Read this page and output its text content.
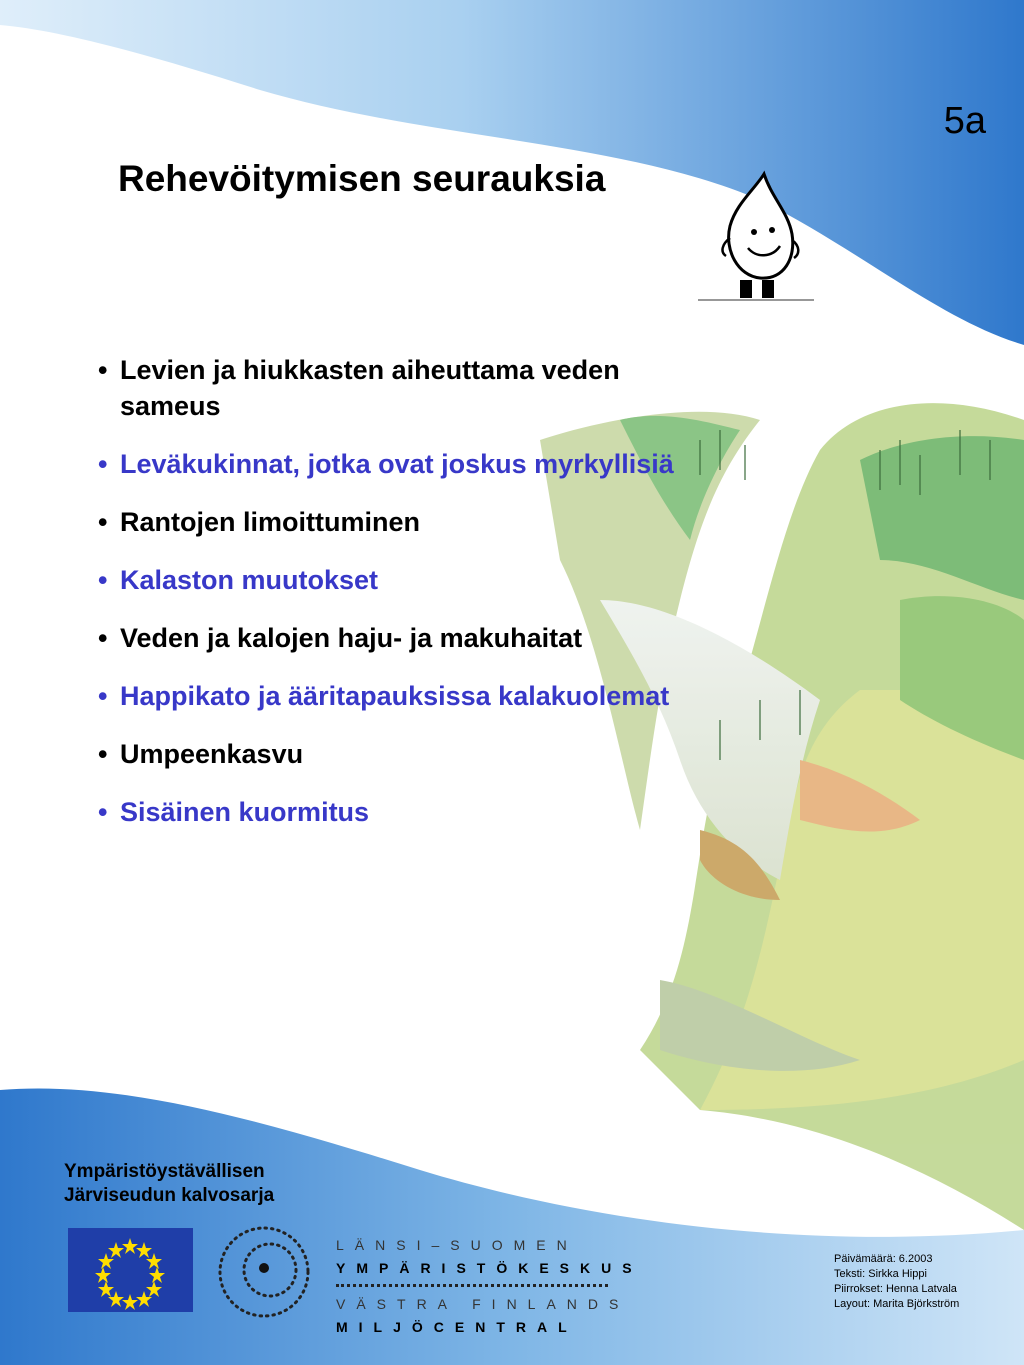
5a
Rehevöitymisen seurauksia
• Levien ja hiukkasten aiheuttama veden sameus
• Leväkukinnat, jotka ovat joskus myrkyllisiä
• Rantojen limoittuminen
• Kalaston muutokset
• Veden ja kalojen haju- ja makuhaitat
• Happikato ja ääritapauksissa kalakuolemat
• Umpeenkasvu
• Sisäinen kuormitus
Ympäristöystävällisen
Järviseudun kalvosarja
LÄNSI–SUOMEN
YMPÄRISTÖKESKUS
VÄSTRA FINLANDS
MILJÖCENTRAL
Päivämäärä: 6.2003
Teksti: Sirkka Hippi
Piirrokset: Henna Latvala
Layout: Marita Björkström
